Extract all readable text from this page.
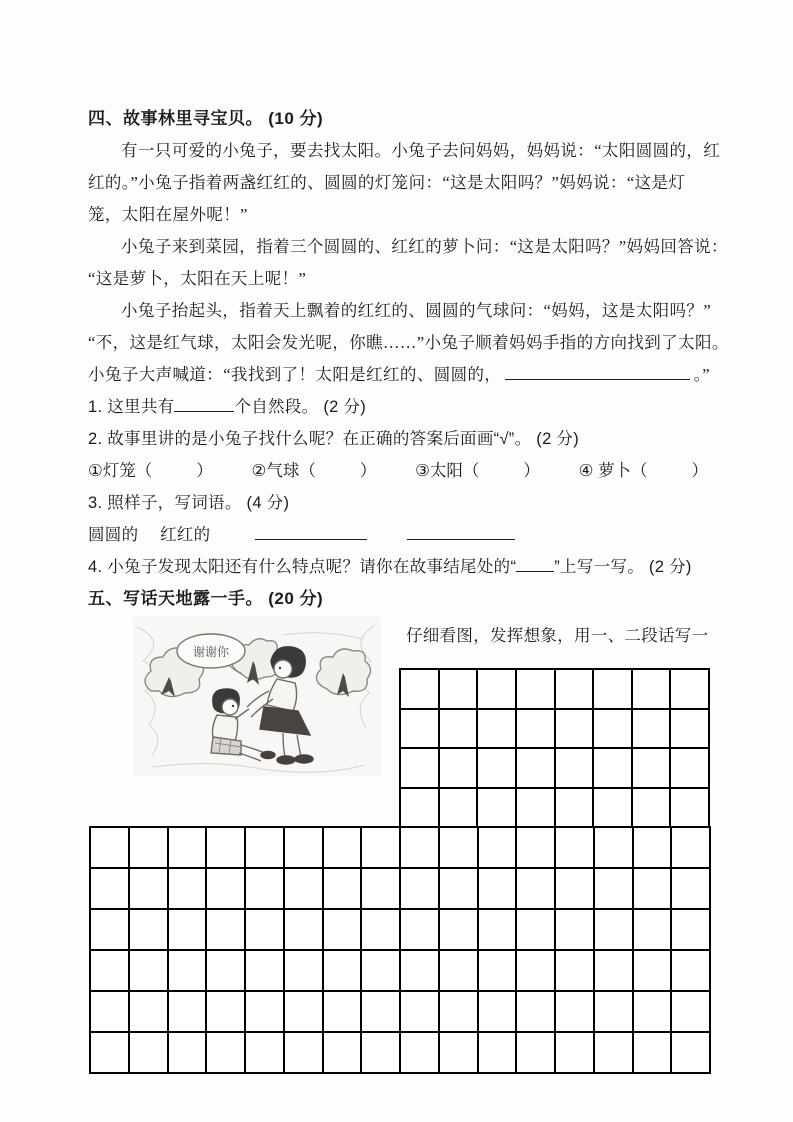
四、故事林里寻宝贝。 (10 分)
有一只可爱的小兔子，要去找太阳。小兔子去问妈妈，妈妈说：“太阳圆圆的，红
红的。”小兔子指着两盏红红的、圆圆的灯笼问：“这是太阳吗？”妈妈说：“这是灯
笼，太阳在屋外呢！”
小兔子来到菜园，指着三个圆圆的、红红的萝卜问：“这是太阳吗？”妈妈回答说：
“这是萝卜，太阳在天上呢！”
小兔子抬起头，指着天上飘着的红红的、圆圆的气球问：“妈妈，这是太阳吗？”
“不，这是红气球，太阳会发光呢，你瞧……”小兔子顺着妈妈手指的方向找到了太阳。
小兔子大声喊道：“我找到了！太阳是红红的、圆圆的，	。”
1. 这里共有	个自然段。 (2 分)
2. 故事里讲的是小兔子找什么呢？在正确的答案后面画“√”。 (2 分)
①灯笼（	） ②气球（	） ③太阳（	） ④ 萝卜（	）
3. 照样子，写词语。 (4 分)
圆圆的　 红红的
4. 小兔子发现太阳还有什么特点呢？请你在故事结尾处的“ ”上写一写。 (2 分)
五、写话天地露一手。 (20 分)
谢谢你
仔细看图，发挥想象，用一、二段话写一
